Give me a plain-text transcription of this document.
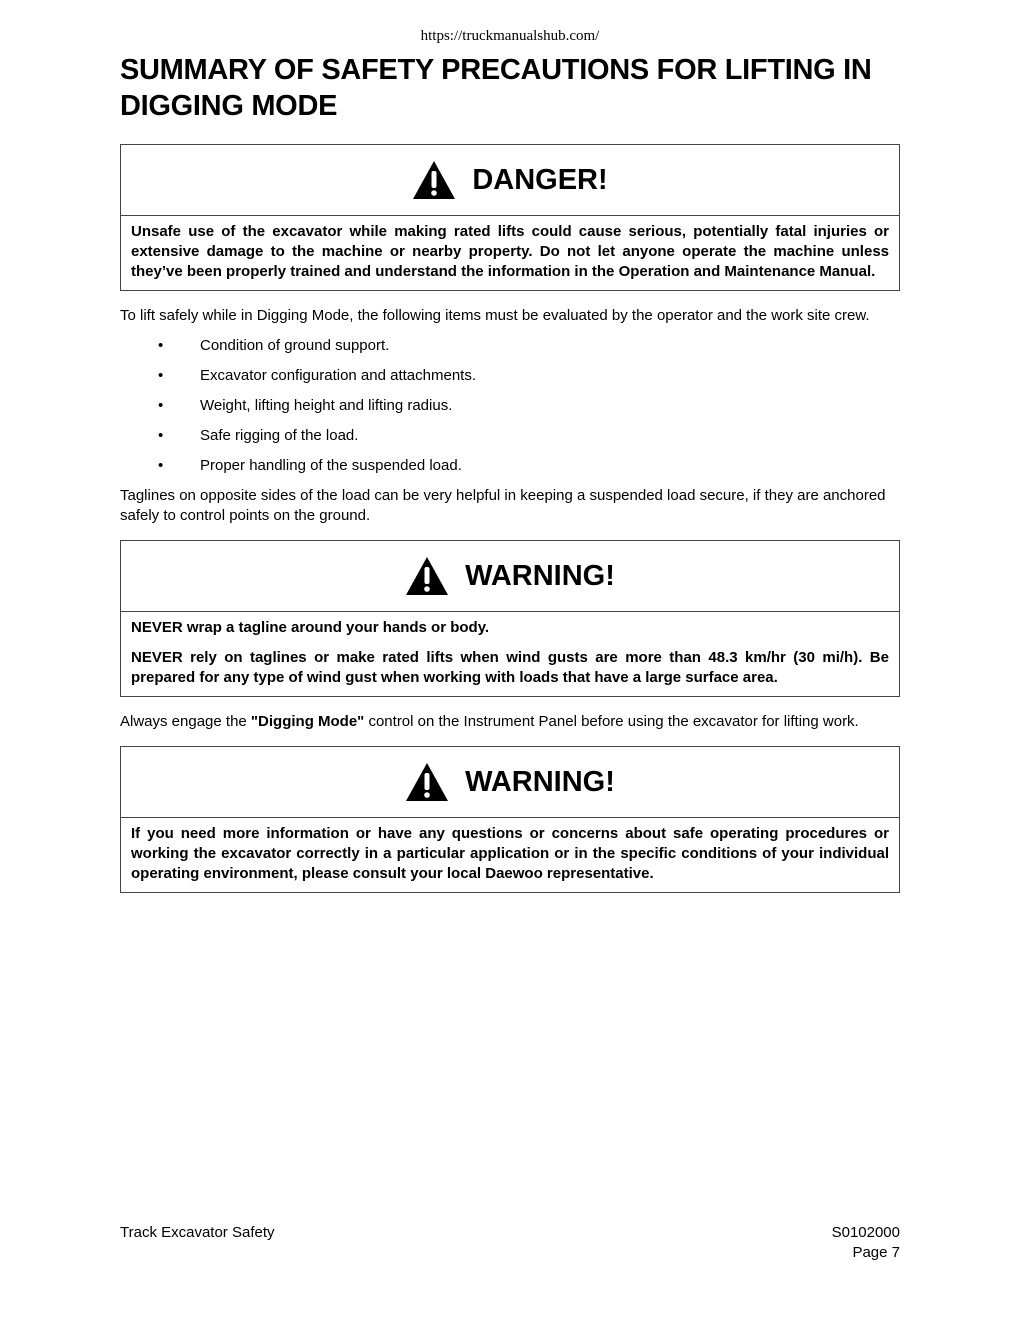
https://truckmanualshub.com/
SUMMARY OF SAFETY PRECAUTIONS FOR LIFTING IN DIGGING MODE
DANGER!

Unsafe use of the excavator while making rated lifts could cause serious, potentially fatal injuries or extensive damage to the machine or nearby property. Do not let anyone operate the machine unless they’ve been properly trained and understand the information in the Operation and Maintenance Manual.

To lift safely while in Digging Mode, the following items must be evaluated by the operator and the work site crew.

• Condition of ground support.
• Excavator configuration and attachments.
• Weight, lifting height and lifting radius.
• Safe rigging of the load.
• Proper handling of the suspended load.

Taglines on opposite sides of the load can be very helpful in keeping a suspended load secure, if they are anchored safely to control points on the ground.

WARNING!

NEVER wrap a tagline around your hands or body.

NEVER rely on taglines or make rated lifts when wind gusts are more than 48.3 km/hr (30 mi/h). Be prepared for any type of wind gust when working with loads that have a large surface area.

Always engage the "Digging Mode" control on the Instrument Panel before using the excavator for lifting work.

WARNING!

If you need more information or have any questions or concerns about safe operating procedures or working the excavator correctly in a particular application or in the specific conditions of your individual operating environment, please consult your local Daewoo representative.

Track Excavator Safety	S0102000
Page 7
